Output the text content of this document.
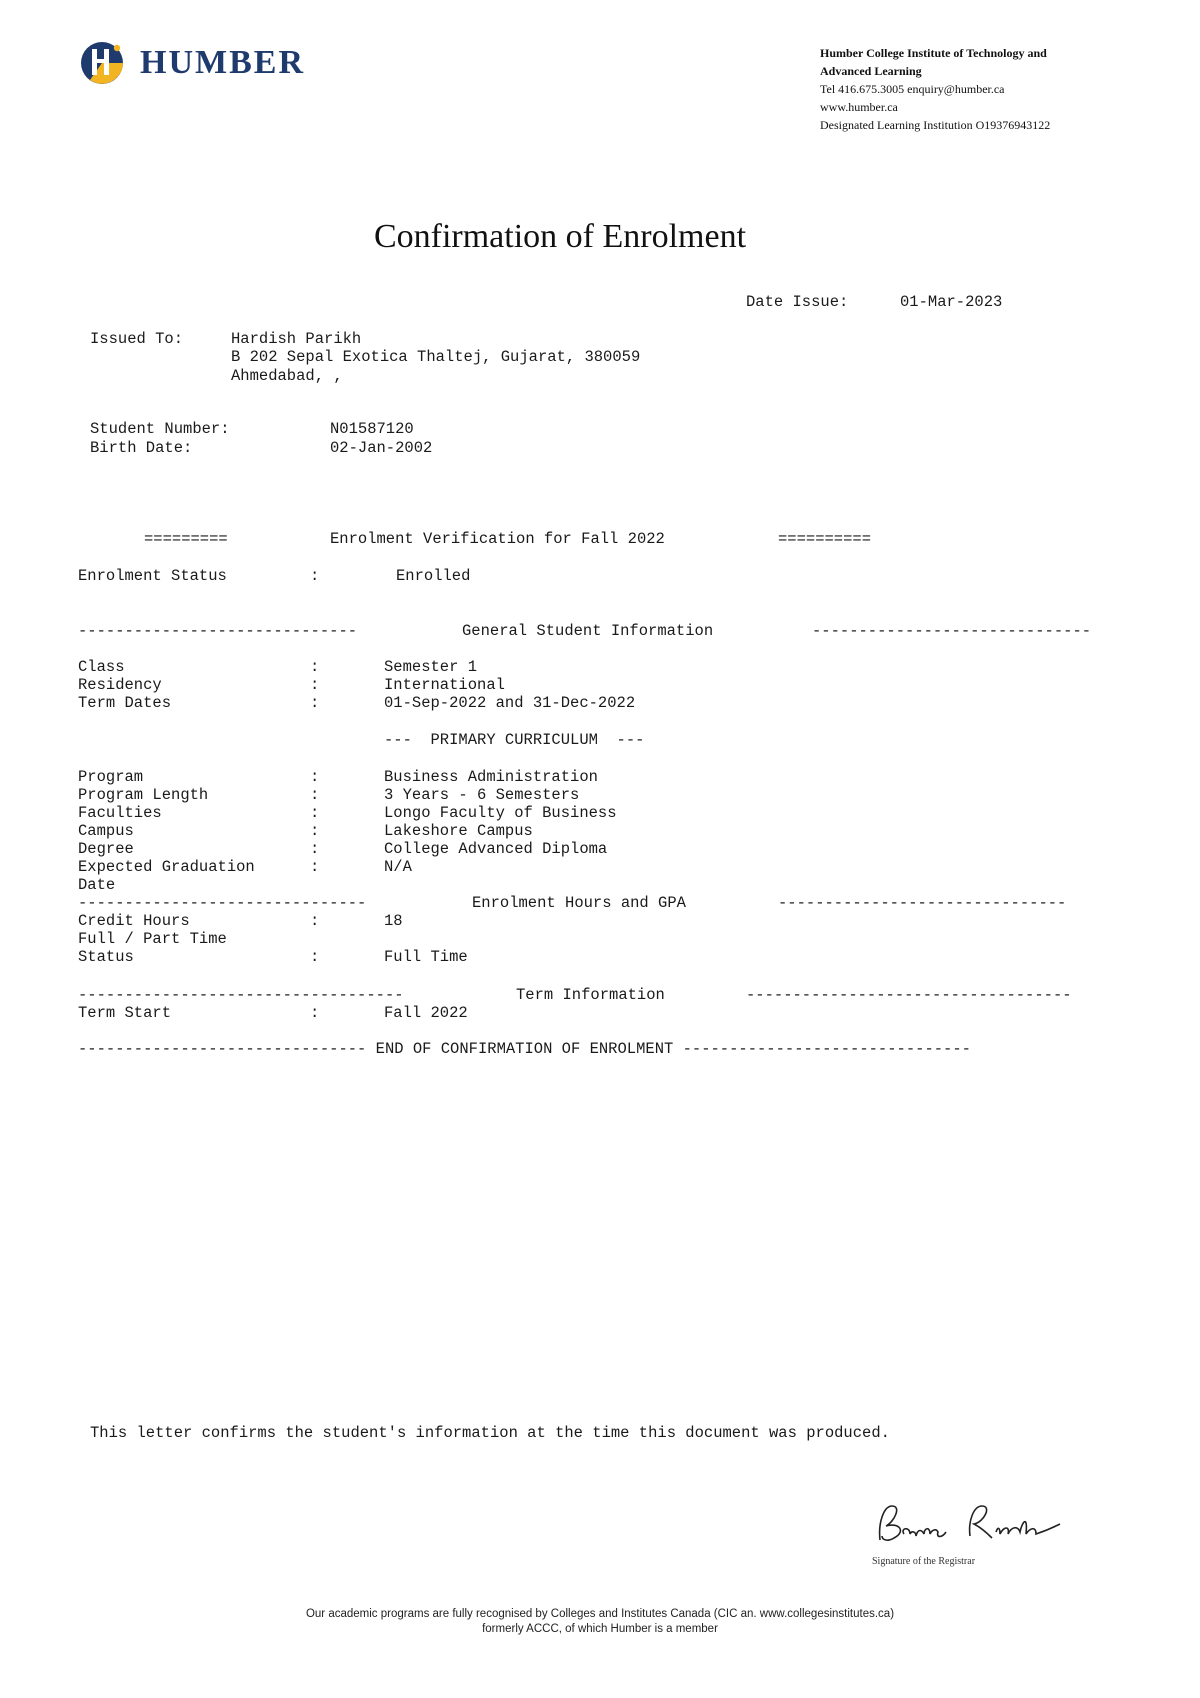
HUMBER	Humber College Institute of Technology and
Advanced Learning
Tel 416.675.3005 enquiry@humber.ca
www.humber.ca
Designated Learning Institution O19376943122
Confirmation of Enrolment
Date Issue:	01-Mar-2023
Issued To:	Hardish Parikh
B 202 Sepal Exotica Thaltej, Gujarat, 380059
Ahmedabad, ,
Student Number:	N01587120
Birth Date:	02-Jan-2002
=========	Enrolment Verification for Fall 2022	==========
Enrolment Status	:	Enrolled
------------------------------	General Student Information	------------------------------
Class	:	Semester 1
Residency	:	International
Term Dates	:	01-Sep-2022 and 31-Dec-2022
---  PRIMARY CURRICULUM  ---
Program	:	Business Administration
Program Length	:	3 Years - 6 Semesters
Faculties	:	Longo Faculty of Business
Campus	:	Lakeshore Campus
Degree	:	College Advanced Diploma
Expected Graduation	:	N/A
Date
-------------------------------	Enrolment Hours and GPA	-------------------------------
Credit Hours	:	18
Full / Part Time
Status	:	Full Time
-----------------------------------	Term Information	-----------------------------------
Term Start	:	Fall 2022
------------------------------- END OF CONFIRMATION OF ENROLMENT -------------------------------
This letter confirms the student's information at the time this document was produced.
Signature of the Registrar
Our academic programs are fully recognised by Colleges and Institutes Canada (CIC an. www.collegesinstitutes.ca)
formerly ACCC, of which Humber is a member
